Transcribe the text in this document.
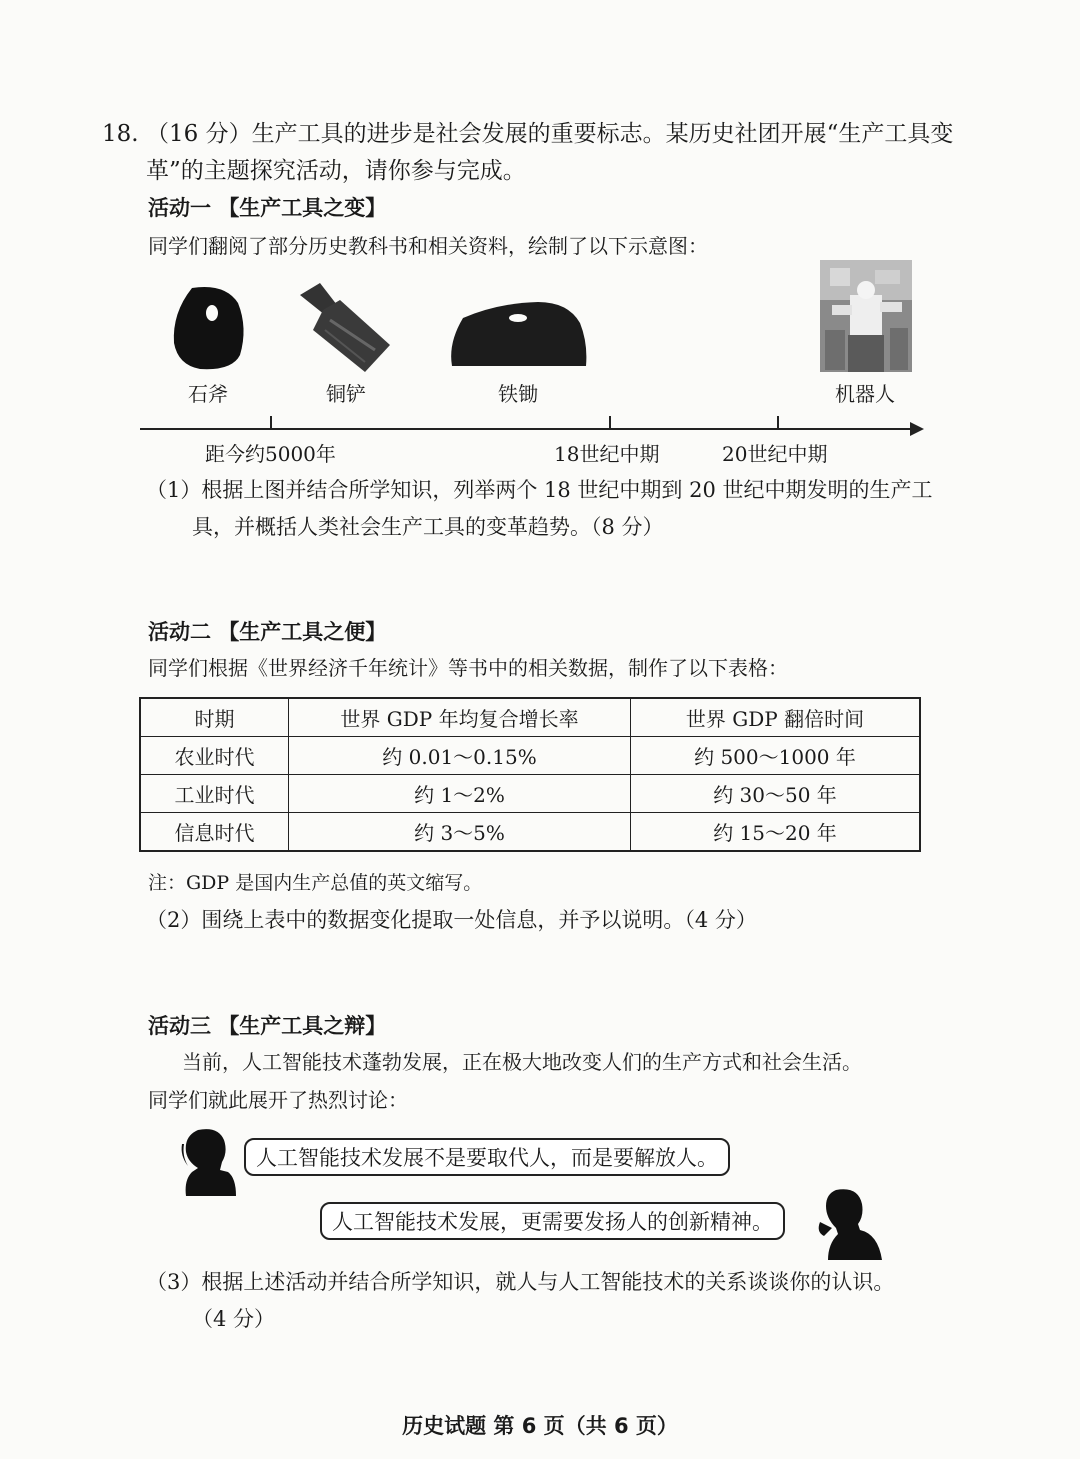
18. （16 分）生产工具的进步是社会发展的重要标志。某历史社团开展“生产工具变
革”的主题探究活动，请你参与完成。
活动一 【生产工具之变】
同学们翻阅了部分历史教科书和相关资料，绘制了以下示意图：
石斧	铜铲	铁锄	机器人
距今约5000年	18世纪中期	20世纪中期
（1）根据上图并结合所学知识，列举两个 18 世纪中期到 20 世纪中期发明的生产工
具，并概括人类社会生产工具的变革趋势。（8 分）
活动二 【生产工具之便】
同学们根据《世界经济千年统计》等书中的相关数据，制作了以下表格：
时期	世界 GDP 年均复合增长率	世界 GDP 翻倍时间
农业时代	约 0.01～0.15%	约 500～1000 年
工业时代	约 1～2%	约 30～50 年
信息时代	约 3～5%	约 15～20 年
注：GDP 是国内生产总值的英文缩写。
（2）围绕上表中的数据变化提取一处信息，并予以说明。（4 分）
活动三 【生产工具之辩】
当前，人工智能技术蓬勃发展，正在极大地改变人们的生产方式和社会生活。
同学们就此展开了热烈讨论：
人工智能技术发展不是要取代人，而是要解放人。
人工智能技术发展，更需要发扬人的创新精神。
（3）根据上述活动并结合所学知识，就人与人工智能技术的关系谈谈你的认识。
（4 分）
历史试题 第 6 页（共 6 页）
